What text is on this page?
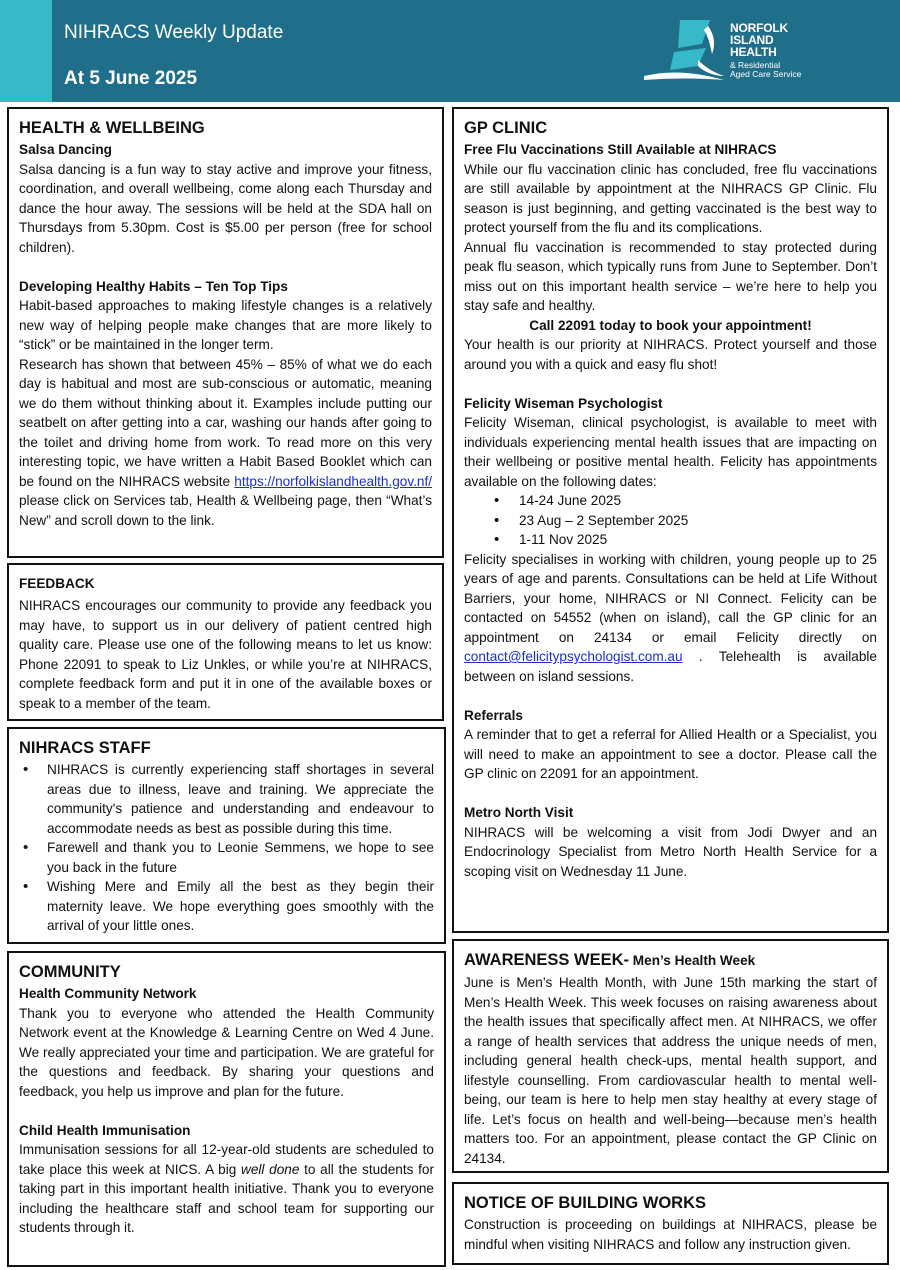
NIHRACS Weekly Update
At 5 June 2025
NORFOLK
ISLAND
HEALTH
& Residential
Aged Care Service
HEALTH & WELLBEING
Salsa Dancing

Salsa dancing is a fun way to stay active and improve your fitness, coordination, and overall wellbeing, come along each Thursday and dance the hour away. The sessions will be held at the SDA hall on Thursdays from 5.30pm. Cost is $5.00 per person (free for school children).

Developing Healthy Habits – Ten Top Tips

Habit-based approaches to making lifestyle changes is a relatively new way of helping people make changes that are more likely to “stick” or be maintained in the longer term.

Research has shown that between 45% – 85% of what we do each day is habitual and most are sub-conscious or automatic, meaning we do them without thinking about it. Examples include putting our seatbelt on after getting into a car, washing our hands after going to the toilet and driving home from work. To read more on this very interesting topic, we have written a Habit Based Booklet which can be found on the NIHRACS website https://norfolkislandhealth.gov.nf/ please click on Services tab, Health & Wellbeing page, then “What’s New” and scroll down to the link.

FEEDBACK

NIHRACS encourages our community to provide any feedback you may have, to support us in our delivery of patient centred high quality care. Please use one of the following means to let us know: Phone 22091 to speak to Liz Unkles, or while you’re at NIHRACS, complete feedback form and put it in one of the available boxes or speak to a member of the team.

NIHRACS STAFF
• NIHRACS is currently experiencing staff shortages in several areas due to illness, leave and training. We appreciate the community's patience and understanding and endeavour to accommodate needs as best as possible during this time.
• Farewell and thank you to Leonie Semmens, we hope to see you back in the future
• Wishing Mere and Emily all the best as they begin their maternity leave. We hope everything goes smoothly with the arrival of your little ones.
COMMUNITY
Health Community Network

Thank you to everyone who attended the Health Community Network event at the Knowledge & Learning Centre on Wed 4 June. We really appreciated your time and participation. We are grateful for the questions and feedback. By sharing your questions and feedback, you help us improve and plan for the future.

Child Health Immunisation

Immunisation sessions for all 12-year-old students are scheduled to take place this week at NICS. A big well done to all the students for taking part in this important health initiative. Thank you to everyone including the healthcare staff and school team for supporting our students through it.

GP CLINIC
Free Flu Vaccinations Still Available at NIHRACS

While our flu vaccination clinic has concluded, free flu vaccinations are still available by appointment at the NIHRACS GP Clinic. Flu season is just beginning, and getting vaccinated is the best way to protect yourself from the flu and its complications.

Annual flu vaccination is recommended to stay protected during peak flu season, which typically runs from June to September. Don’t miss out on this important health service – we’re here to help you stay safe and healthy.

Call 22091 today to book your appointment!

Your health is our priority at NIHRACS. Protect yourself and those around you with a quick and easy flu shot!

Felicity Wiseman Psychologist

Felicity Wiseman, clinical psychologist, is available to meet with individuals experiencing mental health issues that are impacting on their wellbeing or positive mental health. Felicity has appointments available on the following dates:

• 14-24 June 2025
• 23 Aug – 2 September 2025
• 1-11 Nov 2025

Felicity specialises in working with children, young people up to 25 years of age and parents. Consultations can be held at Life Without Barriers, your home, NIHRACS or NI Connect. Felicity can be contacted on 54552 (when on island), call the GP clinic for an appointment on 24134 or email Felicity directly on contact@felicitypsychologist.com.au . Telehealth is available between on island sessions.

Referrals

A reminder that to get a referral for Allied Health or a Specialist, you will need to make an appointment to see a doctor. Please call the GP clinic on 22091 for an appointment.

Metro North Visit

NIHRACS will be welcoming a visit from Jodi Dwyer and an Endocrinology Specialist from Metro North Health Service for a scoping visit on Wednesday 11 June.

AWARENESS WEEK- Men’s Health Week

June is Men’s Health Month, with June 15th marking the start of Men’s Health Week. This week focuses on raising awareness about the health issues that specifically affect men. At NIHRACS, we offer a range of health services that address the unique needs of men, including general health check-ups, mental health support, and lifestyle counselling. From cardiovascular health to mental well-being, our team is here to help men stay healthy at every stage of life. Let’s focus on health and well-being—because men’s health matters too. For an appointment, please contact the GP Clinic on 24134.

NOTICE OF BUILDING WORKS

Construction is proceeding on buildings at NIHRACS, please be mindful when visiting NIHRACS and follow any instruction given.
